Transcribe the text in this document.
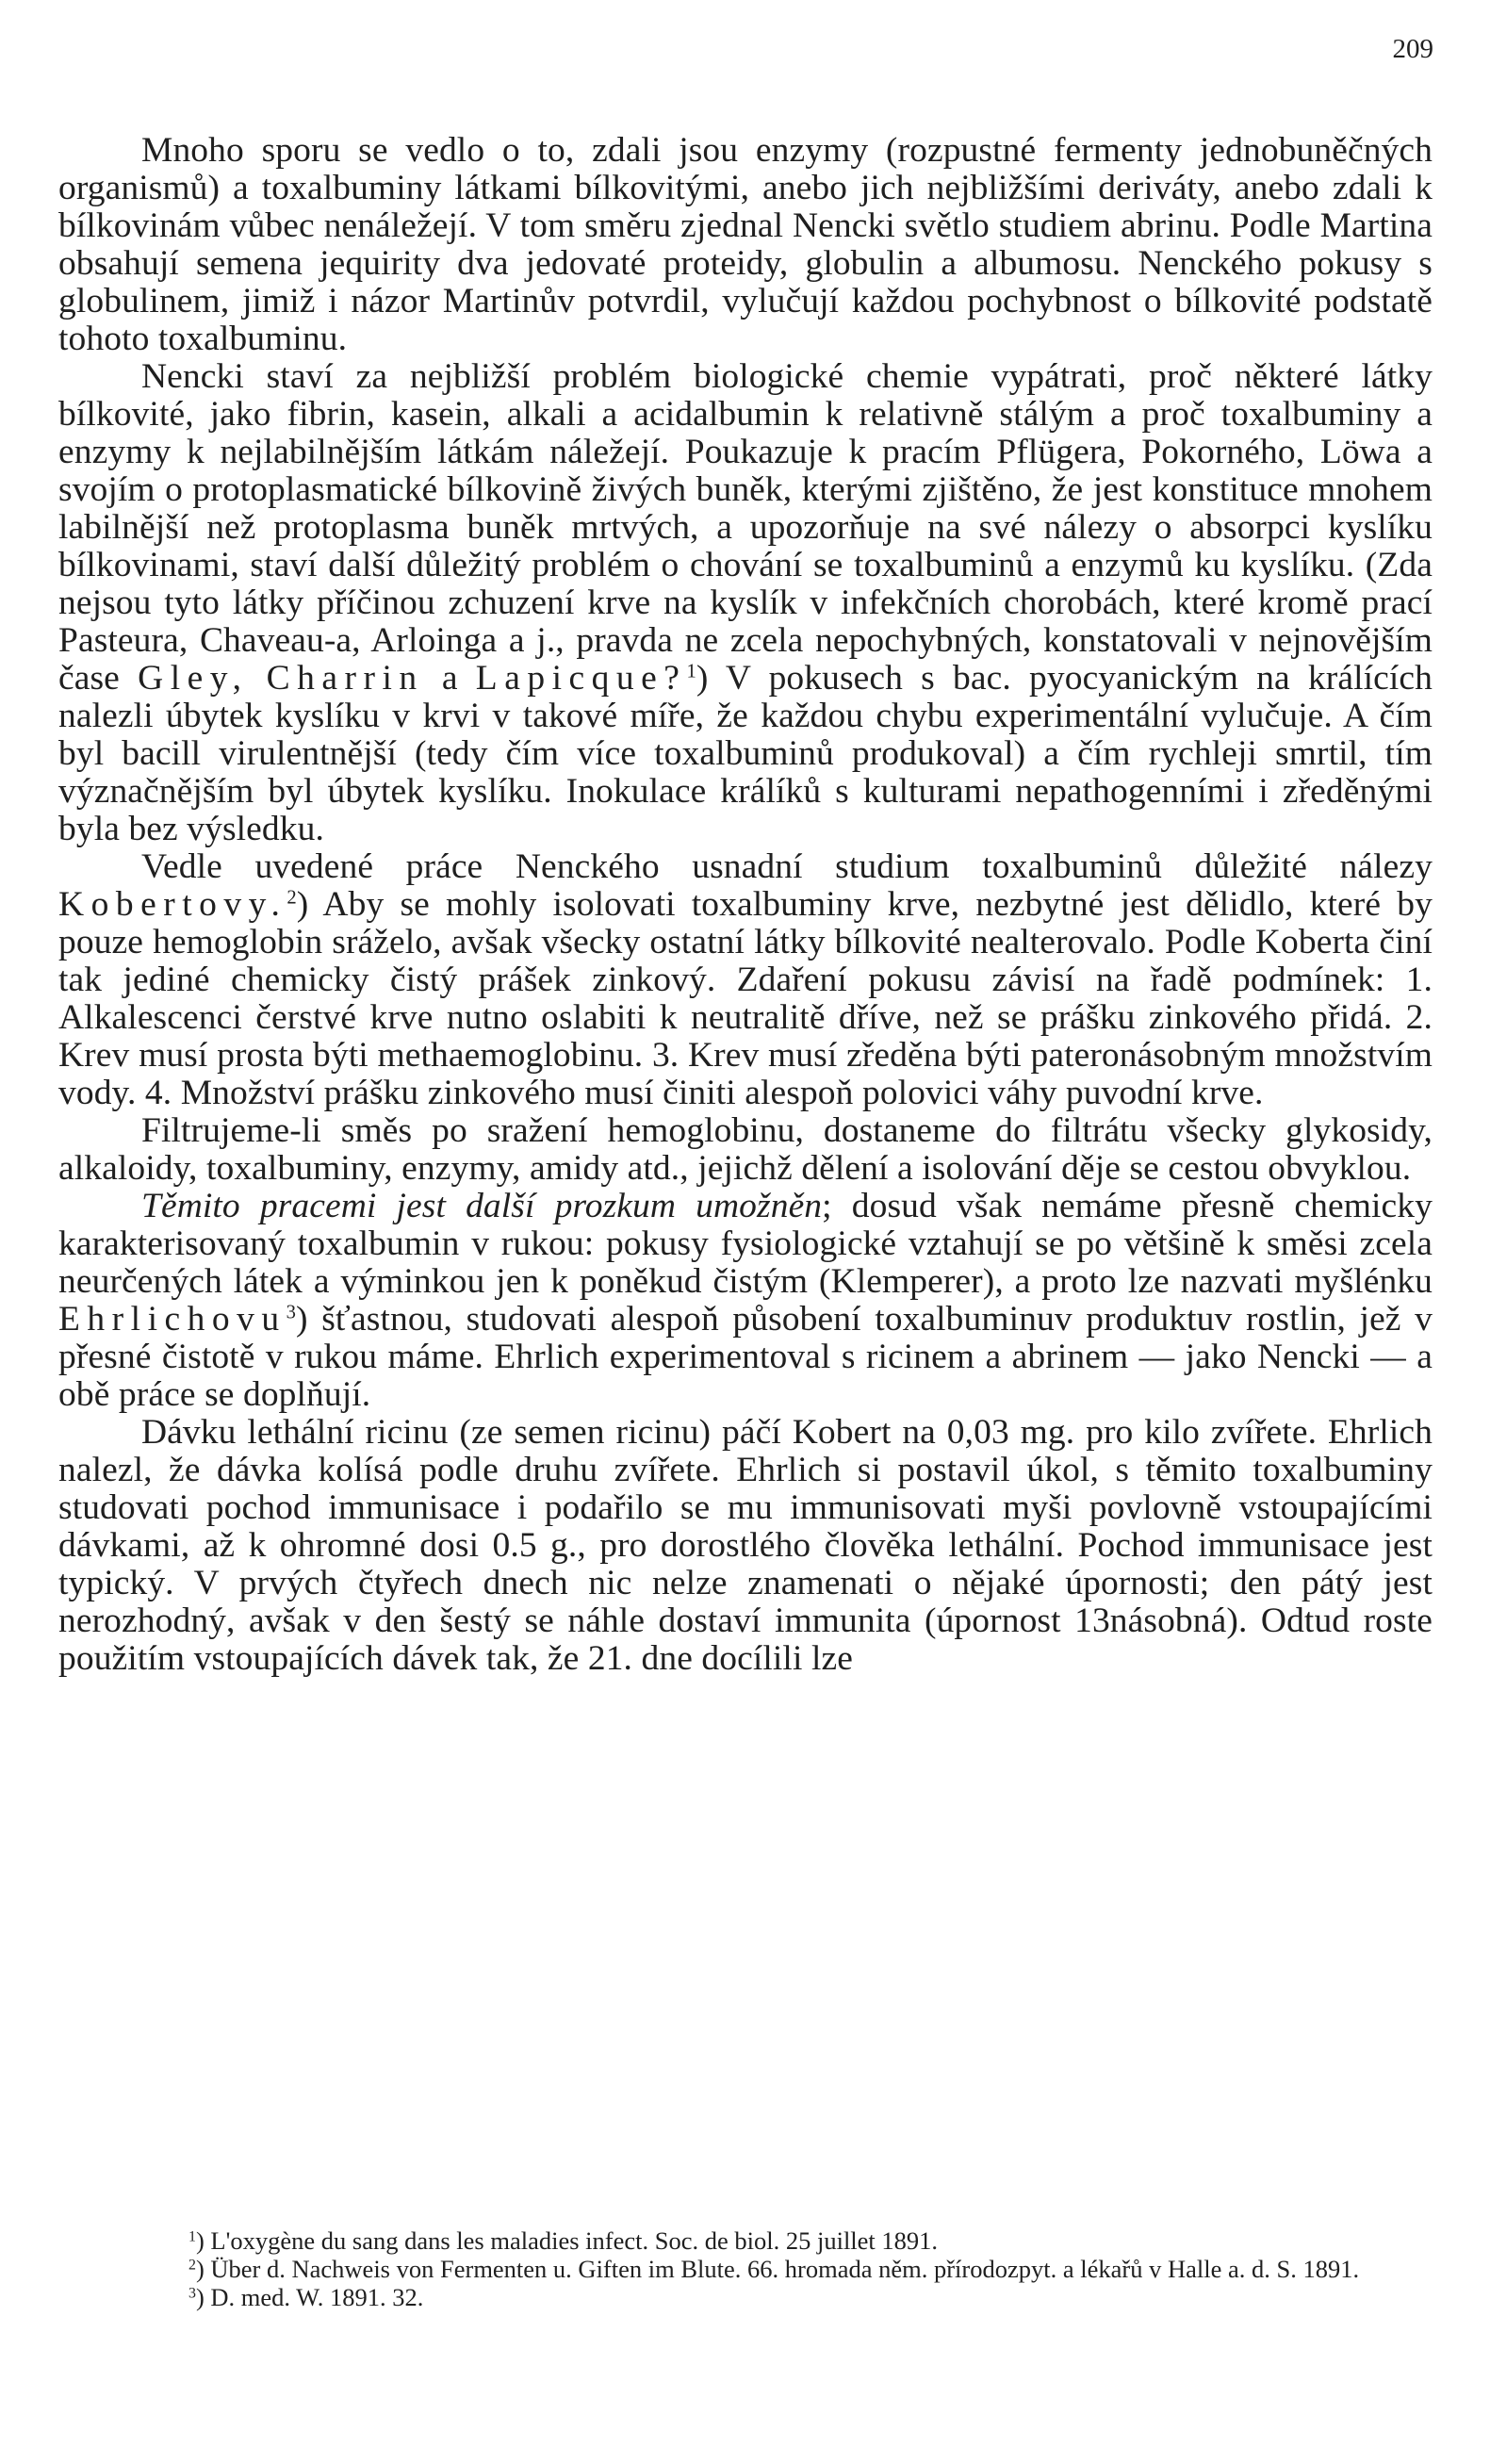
209

Mnoho sporu se vedlo o to, zdali jsou enzymy (rozpustné fermenty jednobuněčných organismů) a toxalbuminy látkami bílkovitými, anebo jich nejbližšími deriváty, anebo zdali k bílkovinám vůbec nenáležejí. V tom směru zjednal Nencki světlo studiem abrinu. Podle Martina obsahují semena jequirity dva jedovaté proteidy, globulin a albumosu. Nenckého pokusy s globulinem, jimiž i názor Martinův potvrdil, vylučují každou pochybnost o bílkovité podstatě tohoto toxalbuminu.

Nencki staví za nejbližší problém biologické chemie vypátrati, proč některé látky bílkovité, jako fibrin, kasein, alkali a acidalbumin k relativně stálým a proč toxalbuminy a enzymy k nejlabilnějším látkám náležejí. Poukazuje k pracím Pflügera, Pokorného, Löwa a svojím o protoplasmatické bílkovině živých buněk, kterými zjištěno, že jest konstituce mnohem labilnější než protoplasma buněk mrtvých, a upozorňuje na své nálezy o absorpci kyslíku bílkovinami, staví další důležitý problém o chování se toxalbuminů a enzymů ku kyslíku. (Zda nejsou tyto látky příčinou zchuzení krve na kyslík v infekčních chorobách, které kromě prací Pasteura, Chaveau-a, Arloinga a j., pravda ne zcela nepochybných, konstatovali v nejnovějším čase Gley, Charrin a Lapicque?$^1$) V pokusech s bac. pyocyanickým na králících nalezli úbytek kyslíku v krvi v takové míře, že každou chybu experimentální vylučuje. A čím byl bacill virulentnější (tedy čím více toxalbuminů produkoval) a čím rychleji smrtil, tím význačnějším byl úbytek kyslíku. Inokulace králíků s kulturami nepathogenními i zředěnými byla bez výsledku.

Vedle uvedené práce Nenckého usnadní studium toxalbuminů důležité nálezy Kobertovy.$^2$) Aby se mohly isolovati toxalbuminy krve, nezbytné jest dělidlo, které by pouze hemoglobin sráželo, avšak všecky ostatní látky bílkovité nealterovalo. Podle Koberta činí tak jediné chemicky čistý prášek zinkový. Zdaření pokusu závisí na řadě podmínek: 1. Alkalescenci čerstvé krve nutno oslabiti k neutralitě dříve, než se prášku zinkového přidá. 2. Krev musí prosta býti methaemoglobinu. 3. Krev musí zředěna býti pateronásobným množstvím vody. 4. Množství prášku zinkového musí činiti alespoň polovici váhy puvodní krve.

Filtrujeme-li směs po sražení hemoglobinu, dostaneme do filtrátu všecky glykosidy, alkaloidy, toxalbuminy, enzymy, amidy atd., jejichž dělení a isolování děje se cestou obvyklou.

Těmito pracemi jest další prozkum umožněn; dosud však nemáme přesně chemicky karakterisovaný toxalbumin v rukou: pokusy fysiologické vztahují se po většině k směsi zcela neurčených látek a výminkou jen k poněkud čistým (Klemperer), a proto lze nazvati myšlénku Ehrlichovu$^3$) šťastnou, studovati alespoň působení toxalbuminuv produktuv rostlin, jež v přesné čistotě v rukou máme. Ehrlich experimentoval s ricinem a abrinem — jako Nencki — a obě práce se doplňují.

Dávku lethální ricinu (ze semen ricinu) páčí Kobert na 0,03 mg. pro kilo zvířete. Ehrlich nalezl, že dávka kolísá podle druhu zvířete. Ehrlich si postavil úkol, s těmito toxalbuminy studovati pochod immunisace i podařilo se mu immunisovati myši povlovně vstoupajícími dávkami, až k ohromné dosi 0.5 g., pro dorostlého člověka lethální. Pochod immunisace jest typický. V prvých čtyřech dnech nic nelze znamenati o nějaké úpornosti; den pátý jest nerozhodný, avšak v den šestý se náhle dostaví immunita (úpornost 13násobná). Odtud roste použitím vstoupajících dávek tak, že 21. dne docílili lze

$^1$) L'oxygène du sang dans les maladies infect. Soc. de biol. 25 juillet 1891.

$^2$) Über d. Nachweis von Fermenten u. Giften im Blute. 66. hromada něm. přírodozpyt. a lékařů v Halle a. d. S. 1891.

$^3$) D. med. W. 1891. 32.
